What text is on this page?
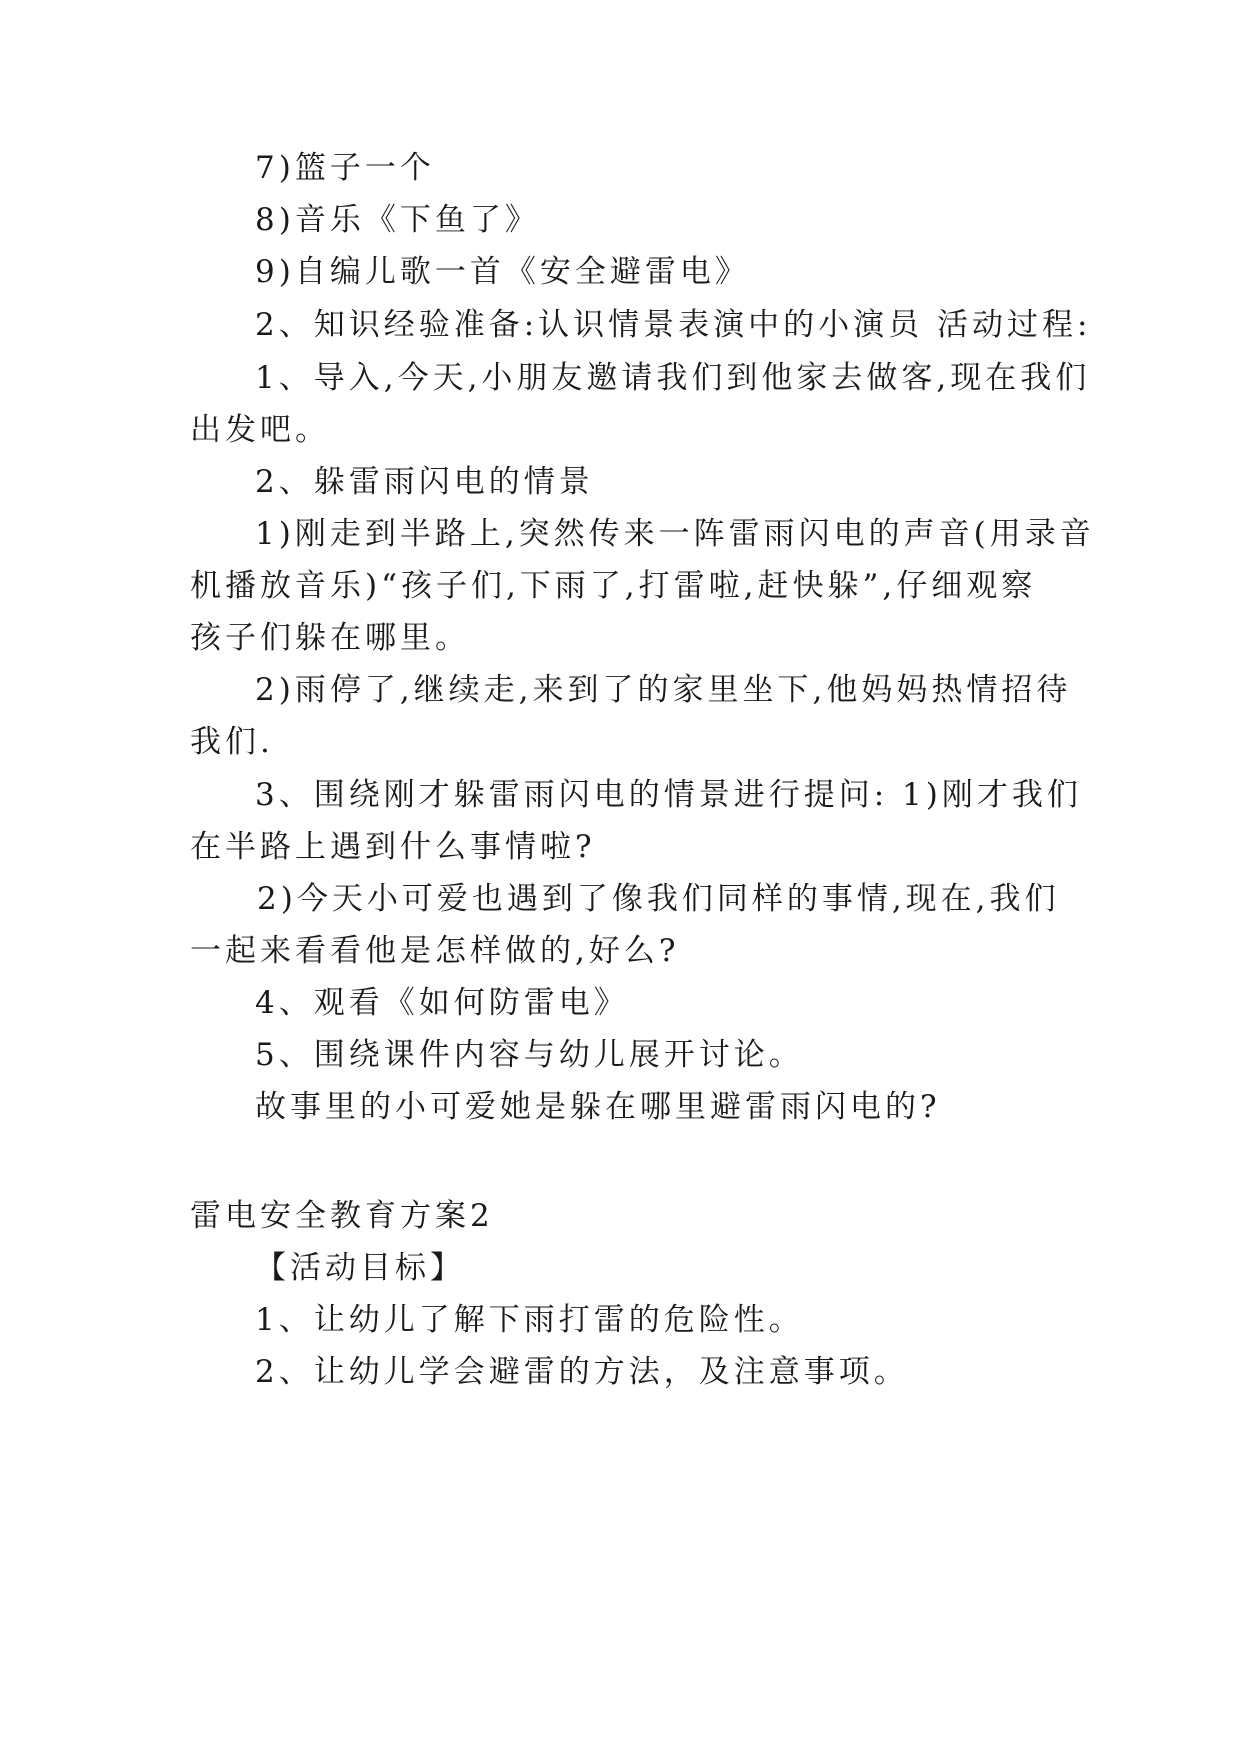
7)篮子一个
8)音乐《下鱼了》
9)自编儿歌一首《安全避雷电》
2、知识经验准备:认识情景表演中的小演员 活动过程:
1、导入,今天,小朋友邀请我们到他家去做客,现在我们
出发吧。
2、躲雷雨闪电的情景
1)刚走到半路上,突然传来一阵雷雨闪电的声音(用录音
机播放音乐)“孩子们,下雨了,打雷啦,赶快躲”,仔细观察
孩子们躲在哪里。
2)雨停了,继续走,来到了的家里坐下,他妈妈热情招待
我们.
3、围绕刚才躲雷雨闪电的情景进行提问: 1)刚才我们
在半路上遇到什么事情啦?
2)今天小可爱也遇到了像我们同样的事情,现在,我们
一起来看看他是怎样做的,好么?
4、观看《如何防雷电》
5、围绕课件内容与幼儿展开讨论。
故事里的小可爱她是躲在哪里避雷雨闪电的?
雷电安全教育方案2
【活动目标】
1、让幼儿了解下雨打雷的危险性。
2、让幼儿学会避雷的方法，及注意事项。
